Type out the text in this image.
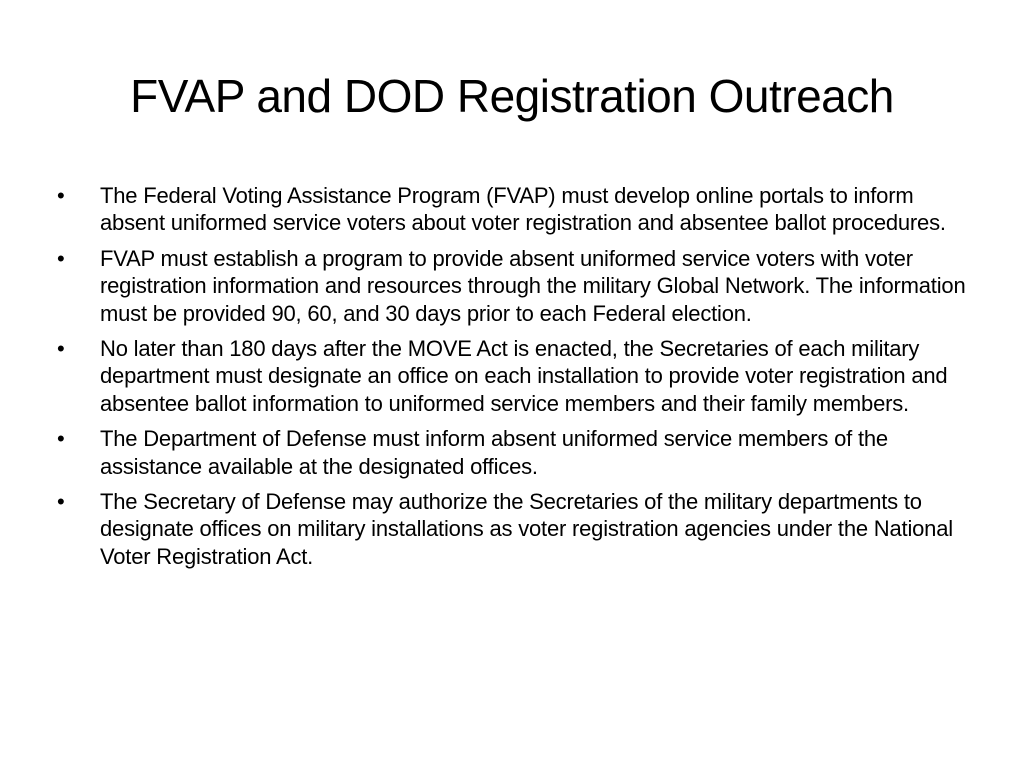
FVAP and DOD Registration Outreach
•	The Federal Voting Assistance Program (FVAP) must develop online portals to inform absent uniformed service voters about voter registration and absentee ballot procedures.
•	FVAP must establish a program to provide absent uniformed service voters with voter registration information and resources through the military Global Network. The information must be provided 90, 60, and 30 days prior to each Federal election.
•	No later than 180 days after the MOVE Act is enacted, the Secretaries of each military department must designate an office on each installation to provide voter registration and absentee ballot information to uniformed service members and their family members.
•	The Department of Defense must inform absent uniformed service members of the assistance available at the designated offices.
•	The Secretary of Defense may authorize the Secretaries of the military departments to designate offices on military installations as voter registration agencies under the National Voter Registration Act.
